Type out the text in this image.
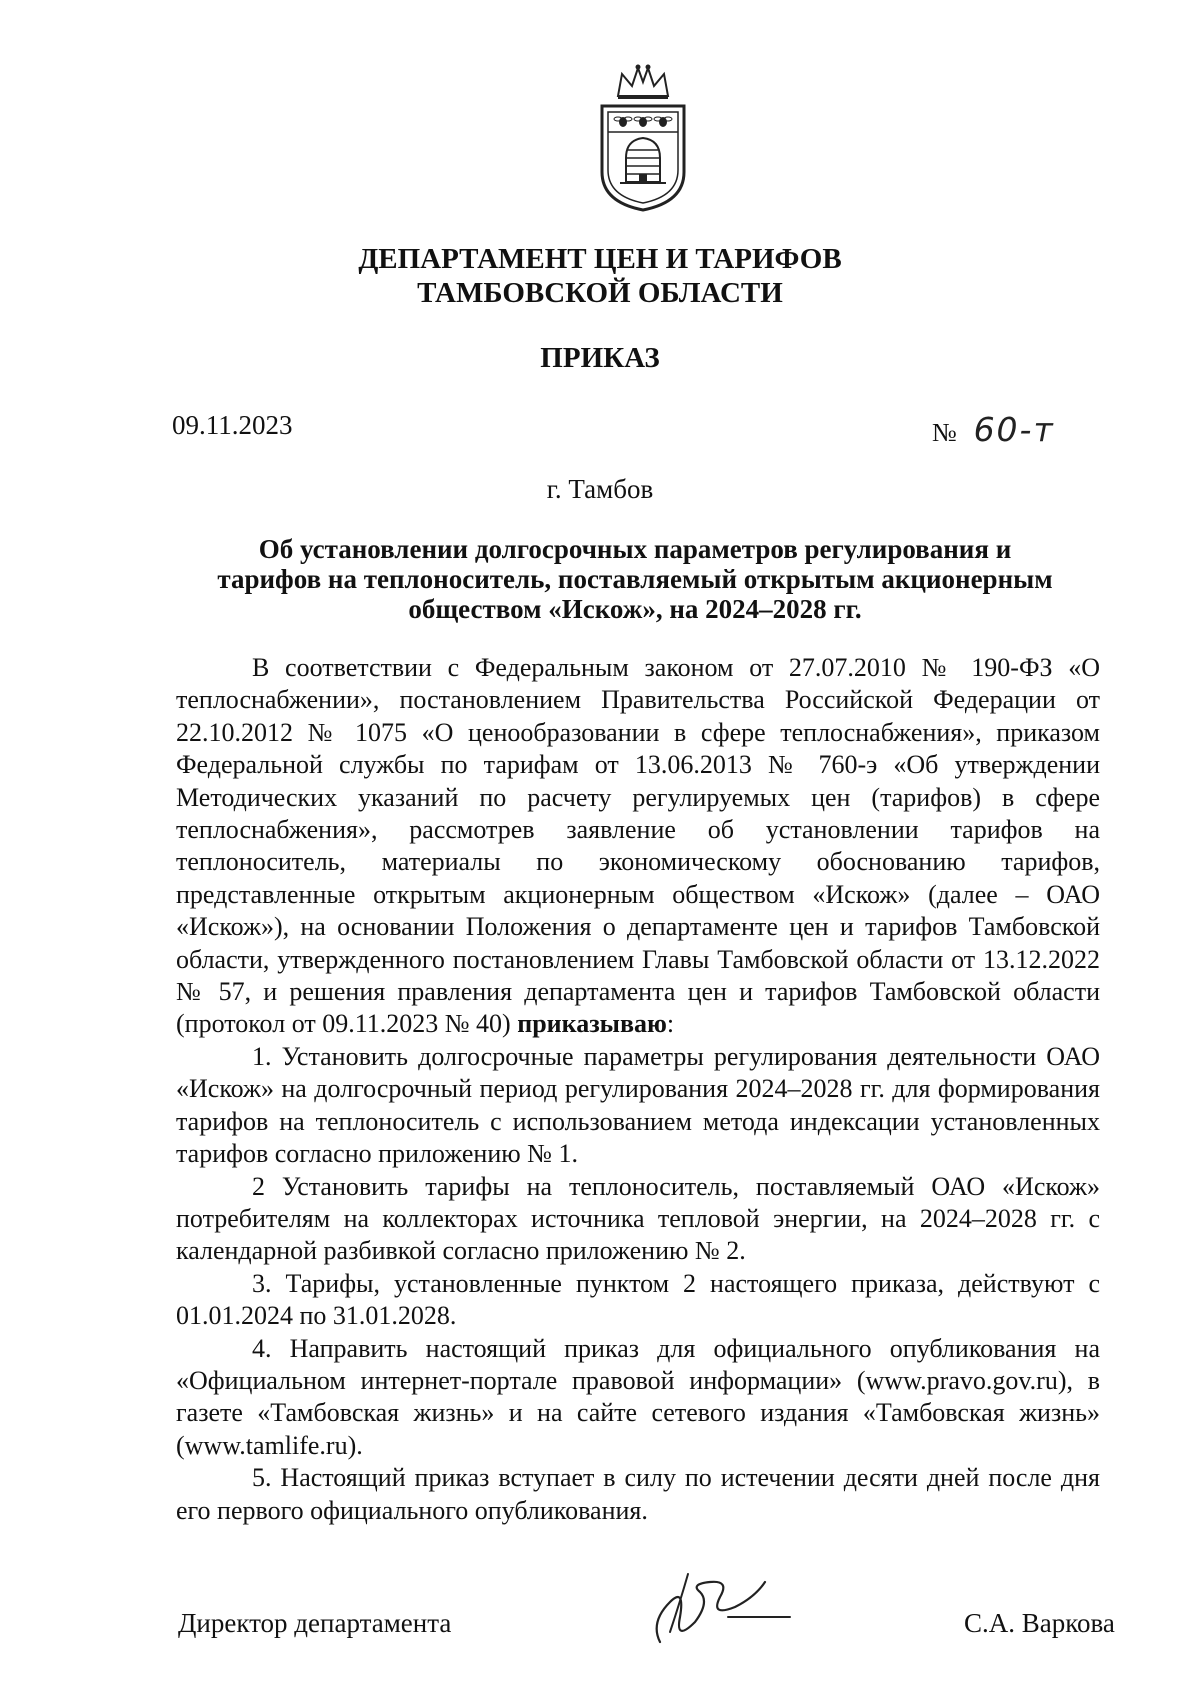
ДЕПАРТАМЕНТ ЦЕН И ТАРИФОВ
ТАМБОВСКОЙ ОБЛАСТИ
ПРИКАЗ
09.11.2023	№ 60-т
г. Тамбов
Об установлении долгосрочных параметров регулирования и
тарифов на теплоноситель, поставляемый открытым акционерным
обществом «Искож», на 2024–2028 гг.

В соответствии с Федеральным законом от 27.07.2010 № 190-ФЗ «О теплоснабжении», постановлением Правительства Российской Федерации от 22.10.2012 № 1075 «О ценообразовании в сфере теплоснабжения», приказом Федеральной службы по тарифам от 13.06.2013 № 760-э «Об утверждении Методических указаний по расчету регулируемых цен (тарифов) в сфере теплоснабжения», рассмотрев заявление об установлении тарифов на теплоноситель, материалы по экономическому обоснованию тарифов, представленные открытым акционерным обществом «Искож» (далее – ОАО «Искож»), на основании Положения о департаменте цен и тарифов Тамбовской области, утвержденного постановлением Главы Тамбовской области от 13.12.2022 № 57, и решения правления департамента цен и тарифов Тамбовской области (протокол от 09.11.2023 № 40) приказываю:

1. Установить долгосрочные параметры регулирования деятельности ОАО «Искож» на долгосрочный период регулирования 2024–2028 гг. для формирования тарифов на теплоноситель с использованием метода индексации установленных тарифов согласно приложению № 1.

2 Установить тарифы на теплоноситель, поставляемый ОАО «Искож» потребителям на коллекторах источника тепловой энергии, на 2024–2028 гг. с календарной разбивкой согласно приложению № 2.

3. Тарифы, установленные пунктом 2 настоящего приказа, действуют с 01.01.2024 по 31.01.2028.

4. Направить настоящий приказ для официального опубликования на «Официальном интернет-портале правовой информации» (www.pravo.gov.ru), в газете «Тамбовская жизнь» и на сайте сетевого издания «Тамбовская жизнь» (www.tamlife.ru).

5. Настоящий приказ вступает в силу по истечении десяти дней после дня его первого официального опубликования.

Директор департамента	С.А. Варкова
